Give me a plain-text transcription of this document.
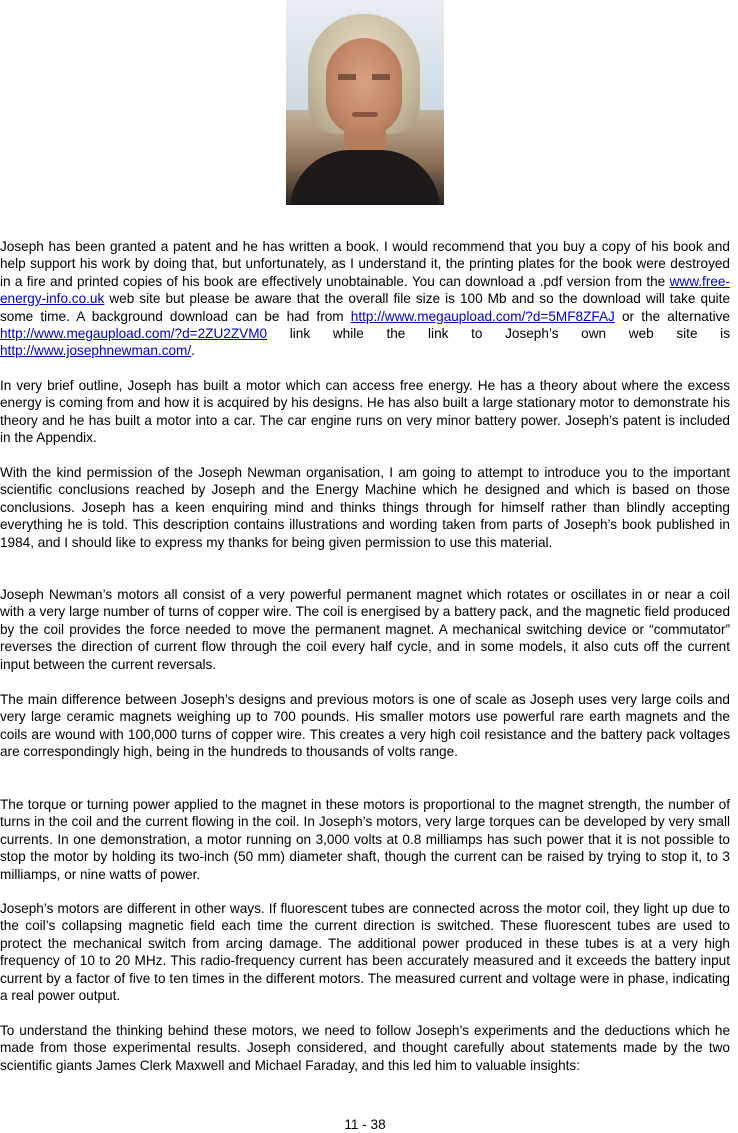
Joseph has been granted a patent and he has written a book. I would recommend that you buy a copy of his book and help support his work by doing that, but unfortunately, as I understand it, the printing plates for the book were destroyed in a fire and printed copies of his book are effectively unobtainable. You can download a .pdf version from the www.free-energy-info.co.uk web site but please be aware that the overall file size is 100 Mb and so the download will take quite some time. A background download can be had from http://www.megaupload.com/?d=5MF8ZFAJ or the alternative http://www.megaupload.com/?d=2ZU2ZVM0 link while the link to Joseph’s own web site is http://www.josephnewman.com/.

In very brief outline, Joseph has built a motor which can access free energy. He has a theory about where the excess energy is coming from and how it is acquired by his designs. He has also built a large stationary motor to demonstrate his theory and he has built a motor into a car. The car engine runs on very minor battery power. Joseph’s patent is included in the Appendix.

With the kind permission of the Joseph Newman organisation, I am going to attempt to introduce you to the important scientific conclusions reached by Joseph and the Energy Machine which he designed and which is based on those conclusions. Joseph has a keen enquiring mind and thinks things through for himself rather than blindly accepting everything he is told. This description contains illustrations and wording taken from parts of Joseph’s book published in 1984, and I should like to express my thanks for being given permission to use this material.

Joseph Newman’s motors all consist of a very powerful permanent magnet which rotates or oscillates in or near a coil with a very large number of turns of copper wire. The coil is energised by a battery pack, and the magnetic field produced by the coil provides the force needed to move the permanent magnet. A mechanical switching device or “commutator” reverses the direction of current flow through the coil every half cycle, and in some models, it also cuts off the current input between the current reversals.

The main difference between Joseph’s designs and previous motors is one of scale as Joseph uses very large coils and very large ceramic magnets weighing up to 700 pounds. His smaller motors use powerful rare earth magnets and the coils are wound with 100,000 turns of copper wire. This creates a very high coil resistance and the battery pack voltages are correspondingly high, being in the hundreds to thousands of volts range.

The torque or turning power applied to the magnet in these motors is proportional to the magnet strength, the number of turns in the coil and the current flowing in the coil. In Joseph’s motors, very large torques can be developed by very small currents. In one demonstration, a motor running on 3,000 volts at 0.8 milliamps has such power that it is not possible to stop the motor by holding its two-inch (50 mm) diameter shaft, though the current can be raised by trying to stop it, to 3 milliamps, or nine watts of power.

Joseph’s motors are different in other ways. If fluorescent tubes are connected across the motor coil, they light up due to the coil’s collapsing magnetic field each time the current direction is switched. These fluorescent tubes are used to protect the mechanical switch from arcing damage. The additional power produced in these tubes is at a very high frequency of 10 to 20 MHz. This radio-frequency current has been accurately measured and it exceeds the battery input current by a factor of five to ten times in the different motors. The measured current and voltage were in phase, indicating a real power output.

To understand the thinking behind these motors, we need to follow Joseph’s experiments and the deductions which he made from those experimental results. Joseph considered, and thought carefully about statements made by the two scientific giants James Clerk Maxwell and Michael Faraday, and this led him to valuable insights:

11 - 38
